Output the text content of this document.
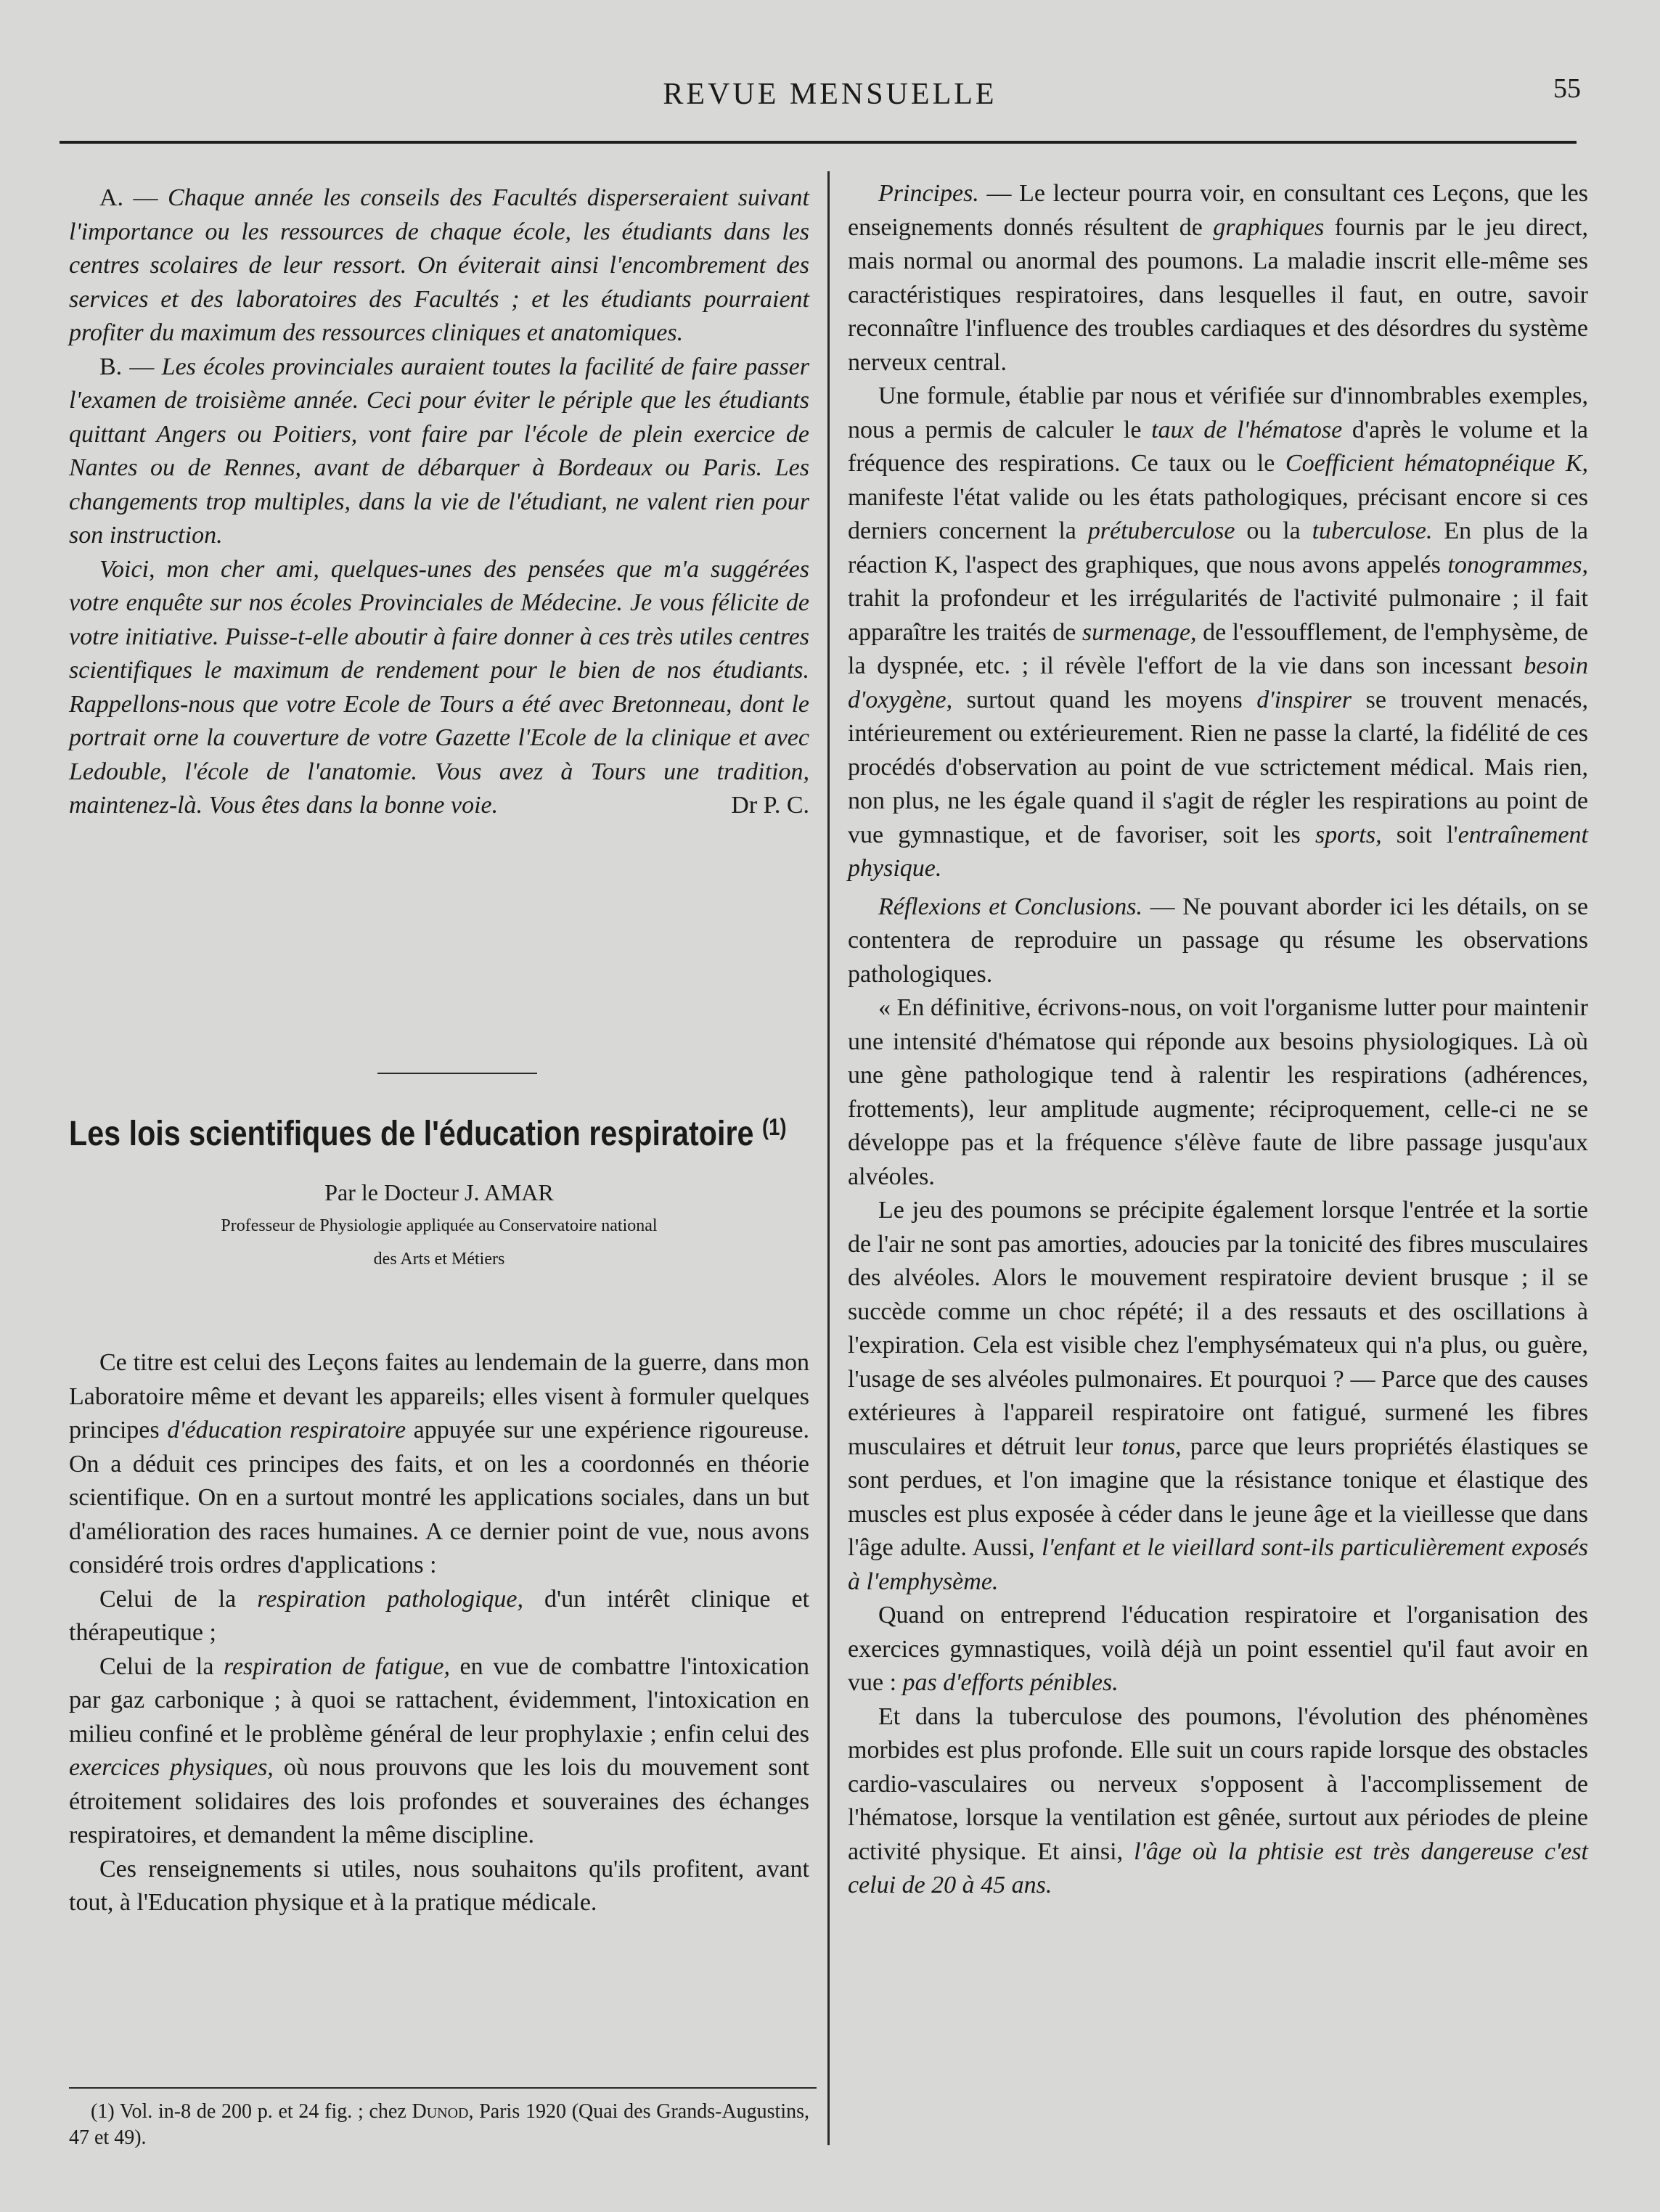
REVUE MENSUELLE	55

A. — Chaque année les conseils des Facultés disperseraient suivant l'importance ou les ressources de chaque école, les étudiants dans les centres scolaires de leur ressort. On éviterait ainsi l'encombrement des services et des laboratoires des Facultés ; et les étudiants pourraient profiter du maximum des ressources cliniques et anatomiques.

B. — Les écoles provinciales auraient toutes la facilité de faire passer l'examen de troisième année. Ceci pour éviter le périple que les étudiants quittant Angers ou Poitiers, vont faire par l'école de plein exercice de Nantes ou de Rennes, avant de débarquer à Bordeaux ou Paris. Les changements trop multiples, dans la vie de l'étudiant, ne valent rien pour son instruction.

Voici, mon cher ami, quelques-unes des pensées que m'a suggérées votre enquête sur nos écoles Provinciales de Médecine. Je vous félicite de votre initiative. Puisse-t-elle aboutir à faire donner à ces très utiles centres scientifiques le maximum de rendement pour le bien de nos étudiants. Rappellons-nous que votre Ecole de Tours a été avec Bretonneau, dont le portrait orne la couverture de votre Gazette l'Ecole de la clinique et avec Ledouble, l'école de l'anatomie. Vous avez à Tours une tradition, maintenez-là. Vous êtes dans la bonne voie.	Dr P. C.

Les lois scientifiques de l'éducation respiratoire $^{(1)}$
Par le Docteur J. AMAR
Professeur de Physiologie appliquée au Conservatoire national
des Arts et Métiers

Ce titre est celui des Leçons faites au lendemain de la guerre, dans mon Laboratoire même et devant les appareils; elles visent à formuler quelques principes d'éducation respiratoire appuyée sur une expérience rigoureuse. On a déduit ces principes des faits, et on les a coordonnés en théorie scientifique. On en a surtout montré les applications sociales, dans un but d'amélioration des races humaines. A ce dernier point de vue, nous avons considéré trois ordres d'applications :

Celui de la respiration pathologique, d'un intérêt clinique et thérapeutique ;

Celui de la respiration de fatigue, en vue de combattre l'intoxication par gaz carbonique ; à quoi se rattachent, évidemment, l'intoxication en milieu confiné et le problème général de leur prophylaxie ; enfin celui des exercices physiques, où nous prouvons que les lois du mouvement sont étroitement solidaires des lois profondes et souveraines des échanges respiratoires, et demandent la même discipline.

Ces renseignements si utiles, nous souhaitons qu'ils profitent, avant tout, à l'Education physique et à la pratique médicale.

(1) Vol. in-8 de 200 p. et 24 fig. ; chez Dunod, Paris 1920 (Quai des Grands-Augustins, 47 et 49).

Principes. — Le lecteur pourra voir, en consultant ces Leçons, que les enseignements donnés résultent de graphiques fournis par le jeu direct, mais normal ou anormal des poumons. La maladie inscrit elle-même ses caractéristiques respiratoires, dans lesquelles il faut, en outre, savoir reconnaître l'influence des troubles cardiaques et des désordres du système nerveux central.

Une formule, établie par nous et vérifiée sur d'innombrables exemples, nous a permis de calculer le taux de l'hématose d'après le volume et la fréquence des respirations. Ce taux ou le Coefficient hématopnéique K, manifeste l'état valide ou les états pathologiques, précisant encore si ces derniers concernent la prétuberculose ou la tuberculose. En plus de la réaction K, l'aspect des graphiques, que nous avons appelés tonogrammes, trahit la profondeur et les irrégularités de l'activité pulmonaire ; il fait apparaître les traités de surmenage, de l'essoufflement, de l'emphysème, de la dyspnée, etc. ; il révèle l'effort de la vie dans son incessant besoin d'oxygène, surtout quand les moyens d'inspirer se trouvent menacés, intérieurement ou extérieurement. Rien ne passe la clarté, la fidélité de ces procédés d'observation au point de vue sctrictement médical. Mais rien, non plus, ne les égale quand il s'agit de régler les respirations au point de vue gymnastique, et de favoriser, soit les sports, soit l'entraînement physique.

Réflexions et Conclusions. — Ne pouvant aborder ici les détails, on se contentera de reproduire un passage qu résume les observations pathologiques.

« En définitive, écrivons-nous, on voit l'organisme lutter pour maintenir une intensité d'hématose qui réponde aux besoins physiologiques. Là où une gène pathologique tend à ralentir les respirations (adhérences, frottements), leur amplitude augmente; réciproquement, celle-ci ne se développe pas et la fréquence s'élève faute de libre passage jusqu'aux alvéoles.

Le jeu des poumons se précipite également lorsque l'entrée et la sortie de l'air ne sont pas amorties, adoucies par la tonicité des fibres musculaires des alvéoles. Alors le mouvement respiratoire devient brusque ; il se succède comme un choc répété; il a des ressauts et des oscillations à l'expiration. Cela est visible chez l'emphysémateux qui n'a plus, ou guère, l'usage de ses alvéoles pulmonaires. Et pourquoi ? — Parce que des causes extérieures à l'appareil respiratoire ont fatigué, surmené les fibres musculaires et détruit leur tonus, parce que leurs propriétés élastiques se sont perdues, et l'on imagine que la résistance tonique et élastique des muscles est plus exposée à céder dans le jeune âge et la vieillesse que dans l'âge adulte. Aussi, l'enfant et le vieillard sont-ils particulièrement exposés à l'emphysème.

Quand on entreprend l'éducation respiratoire et l'organisation des exercices gymnastiques, voilà déjà un point essentiel qu'il faut avoir en vue : pas d'efforts pénibles.

Et dans la tuberculose des poumons, l'évolution des phénomènes morbides est plus profonde. Elle suit un cours rapide lorsque des obstacles cardio-vasculaires ou nerveux s'opposent à l'accomplissement de l'hématose, lorsque la ventilation est gênée, surtout aux périodes de pleine activité physique. Et ainsi, l'âge où la phtisie est très dangereuse c'est celui de 20 à 45 ans.
